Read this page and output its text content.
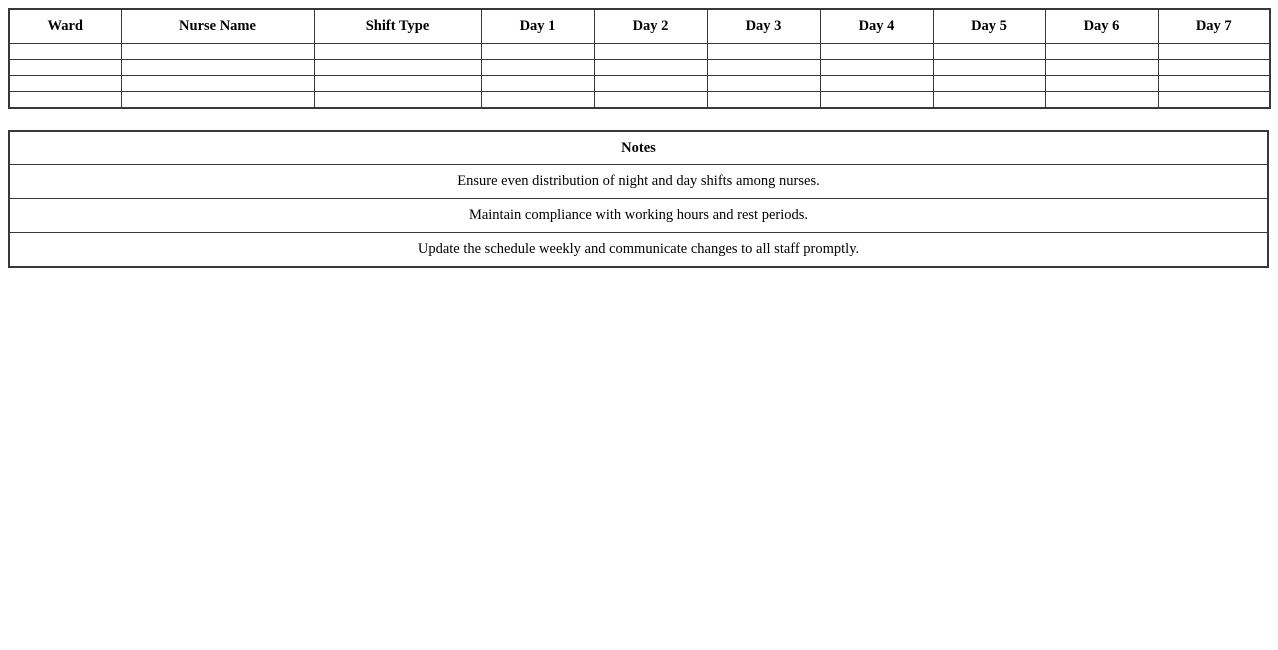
Ward	Nurse Name	Shift Type	Day 1	Day 2	Day 3	Day 4	Day 5	Day 6	Day 7

Notes
Ensure even distribution of night and day shifts among nurses.
Maintain compliance with working hours and rest periods.
Update the schedule weekly and communicate changes to all staff promptly.
